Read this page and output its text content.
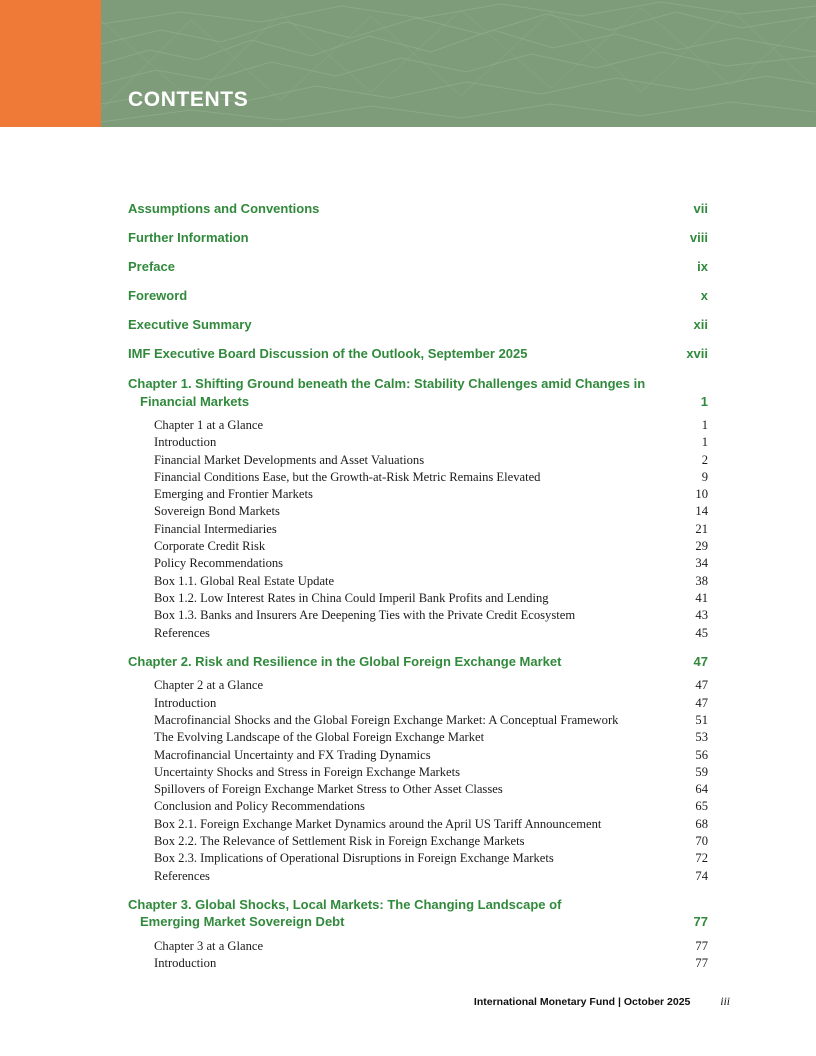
CONTENTS
Assumptions and Conventions	vii
Further Information	viii
Preface	ix
Foreword	x
Executive Summary	xii
IMF Executive Board Discussion of the Outlook, September 2025	xvii
Chapter 1. Shifting Ground beneath the Calm: Stability Challenges amid Changes in
Financial Markets	1
Chapter 1 at a Glance	1
Introduction	1
Financial Market Developments and Asset Valuations	2
Financial Conditions Ease, but the Growth-at-Risk Metric Remains Elevated	9
Emerging and Frontier Markets	10
Sovereign Bond Markets	14
Financial Intermediaries	21
Corporate Credit Risk	29
Policy Recommendations	34
Box 1.1. Global Real Estate Update	38
Box 1.2. Low Interest Rates in China Could Imperil Bank Profits and Lending	41
Box 1.3. Banks and Insurers Are Deepening Ties with the Private Credit Ecosystem	43
References	45
Chapter 2. Risk and Resilience in the Global Foreign Exchange Market	47
Chapter 2 at a Glance	47
Introduction	47
Macrofinancial Shocks and the Global Foreign Exchange Market: A Conceptual Framework	51
The Evolving Landscape of the Global Foreign Exchange Market	53
Macrofinancial Uncertainty and FX Trading Dynamics	56
Uncertainty Shocks and Stress in Foreign Exchange Markets	59
Spillovers of Foreign Exchange Market Stress to Other Asset Classes	64
Conclusion and Policy Recommendations	65
Box 2.1. Foreign Exchange Market Dynamics around the April US Tariff Announcement	68
Box 2.2. The Relevance of Settlement Risk in Foreign Exchange Markets	70
Box 2.3. Implications of Operational Disruptions in Foreign Exchange Markets	72
References	74
Chapter 3. Global Shocks, Local Markets: The Changing Landscape of
Emerging Market Sovereign Debt	77
Chapter 3 at a Glance	77
Introduction	77
International Monetary Fund | October 2025	iii
